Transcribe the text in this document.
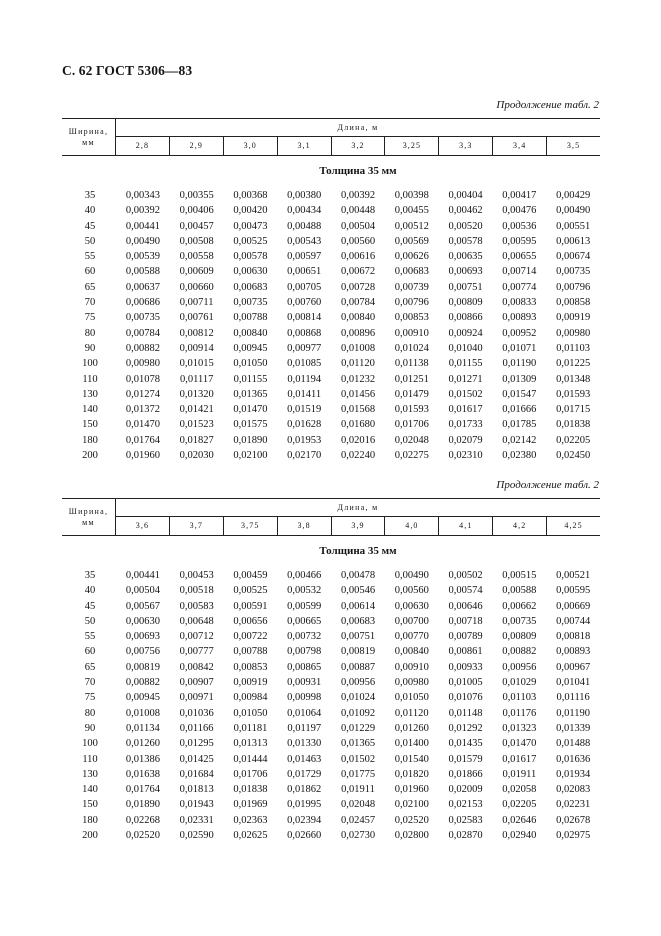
С. 62 ГОСТ 5306—83
Продолжение табл. 2
Ширина,
мм
Длина, м
2,8	2,9	3,0	3,1	3,2	3,25	3,3	3,4	3,5
Толщина 35 мм
35	0,00343	0,00355	0,00368	0,00380	0,00392	0,00398	0,00404	0,00417	0,00429
40	0,00392	0,00406	0,00420	0,00434	0,00448	0,00455	0,00462	0,00476	0,00490
45	0,00441	0,00457	0,00473	0,00488	0,00504	0,00512	0,00520	0,00536	0,00551
50	0,00490	0,00508	0,00525	0,00543	0,00560	0,00569	0,00578	0,00595	0,00613
55	0,00539	0,00558	0,00578	0,00597	0,00616	0,00626	0,00635	0,00655	0,00674
60	0,00588	0,00609	0,00630	0,00651	0,00672	0,00683	0,00693	0,00714	0,00735
65	0,00637	0,00660	0,00683	0,00705	0,00728	0,00739	0,00751	0,00774	0,00796
70	0,00686	0,00711	0,00735	0,00760	0,00784	0,00796	0,00809	0,00833	0,00858
75	0,00735	0,00761	0,00788	0,00814	0,00840	0,00853	0,00866	0,00893	0,00919
80	0,00784	0,00812	0,00840	0,00868	0,00896	0,00910	0,00924	0,00952	0,00980
90	0,00882	0,00914	0,00945	0,00977	0,01008	0,01024	0,01040	0,01071	0,01103
100	0,00980	0,01015	0,01050	0,01085	0,01120	0,01138	0,01155	0,01190	0,01225
110	0,01078	0,01117	0,01155	0,01194	0,01232	0,01251	0,01271	0,01309	0,01348
130	0,01274	0,01320	0,01365	0,01411	0,01456	0,01479	0,01502	0,01547	0,01593
140	0,01372	0,01421	0,01470	0,01519	0,01568	0,01593	0,01617	0,01666	0,01715
150	0,01470	0,01523	0,01575	0,01628	0,01680	0,01706	0,01733	0,01785	0,01838
180	0,01764	0,01827	0,01890	0,01953	0,02016	0,02048	0,02079	0,02142	0,02205
200	0,01960	0,02030	0,02100	0,02170	0,02240	0,02275	0,02310	0,02380	0,02450
Продолжение табл. 2
Ширина,
мм
Длина, м
3,6	3,7	3,75	3,8	3,9	4,0	4,1	4,2	4,25
Толщина 35 мм
35	0,00441	0,00453	0,00459	0,00466	0,00478	0,00490	0,00502	0,00515	0,00521
40	0,00504	0,00518	0,00525	0,00532	0,00546	0,00560	0,00574	0,00588	0,00595
45	0,00567	0,00583	0,00591	0,00599	0,00614	0,00630	0,00646	0,00662	0,00669
50	0,00630	0,00648	0,00656	0,00665	0,00683	0,00700	0,00718	0,00735	0,00744
55	0,00693	0,00712	0,00722	0,00732	0,00751	0,00770	0,00789	0,00809	0,00818
60	0,00756	0,00777	0,00788	0,00798	0,00819	0,00840	0,00861	0,00882	0,00893
65	0,00819	0,00842	0,00853	0,00865	0,00887	0,00910	0,00933	0,00956	0,00967
70	0,00882	0,00907	0,00919	0,00931	0,00956	0,00980	0,01005	0,01029	0,01041
75	0,00945	0,00971	0,00984	0,00998	0,01024	0,01050	0,01076	0,01103	0,01116
80	0,01008	0,01036	0,01050	0,01064	0,01092	0,01120	0,01148	0,01176	0,01190
90	0,01134	0,01166	0,01181	0,01197	0,01229	0,01260	0,01292	0,01323	0,01339
100	0,01260	0,01295	0,01313	0,01330	0,01365	0,01400	0,01435	0,01470	0,01488
110	0,01386	0,01425	0,01444	0,01463	0,01502	0,01540	0,01579	0,01617	0,01636
130	0,01638	0,01684	0,01706	0,01729	0,01775	0,01820	0,01866	0,01911	0,01934
140	0,01764	0,01813	0,01838	0,01862	0,01911	0,01960	0,02009	0,02058	0,02083
150	0,01890	0,01943	0,01969	0,01995	0,02048	0,02100	0,02153	0,02205	0,02231
180	0,02268	0,02331	0,02363	0,02394	0,02457	0,02520	0,02583	0,02646	0,02678
200	0,02520	0,02590	0,02625	0,02660	0,02730	0,02800	0,02870	0,02940	0,02975
